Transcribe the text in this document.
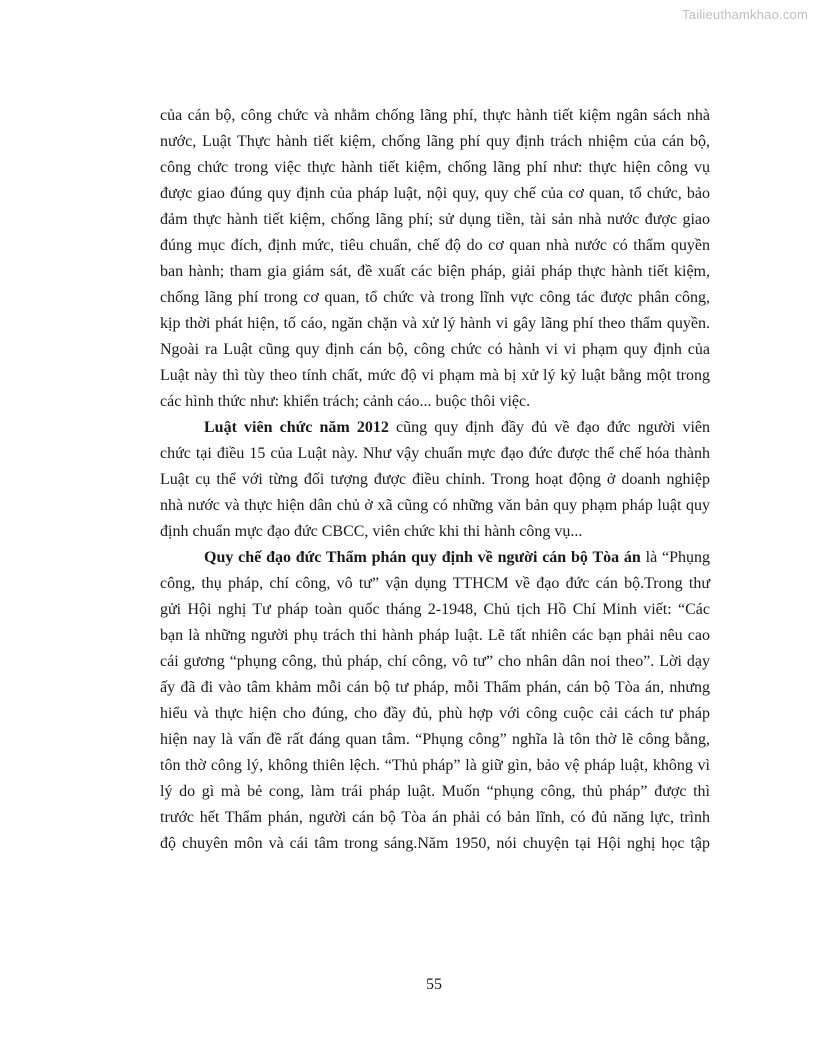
Tailieuthamkhao.com
của cán bộ, công chức và nhằm chống lãng phí, thực hành tiết kiệm ngân sách nhà
nước, Luật Thực hành tiết kiệm, chống lãng phí quy định trách nhiệm của cán bộ,
công chức trong việc thực hành tiết kiệm, chống lãng phí như: thực hiện công vụ
được giao đúng quy định của pháp luật, nội quy, quy chế của cơ quan, tổ chức, bảo
đảm thực hành tiết kiệm, chống lãng phí; sử dụng tiền, tài sản nhà nước được giao
đúng mục đích, định mức, tiêu chuẩn, chế độ do cơ quan nhà nước có thẩm quyền
ban hành; tham gia giám sát, đề xuất các biện pháp, giải pháp thực hành tiết kiệm,
chống lãng phí trong cơ quan, tổ chức và trong lĩnh vực công tác được phân công,
kịp thời phát hiện, tố cáo, ngăn chặn và xử lý hành vi gây lãng phí theo thẩm quyền.
Ngoài ra Luật cũng quy định cán bộ, công chức có hành vi vi phạm quy định của
Luật này thì tùy theo tính chất, mức độ vi phạm mà bị xử lý kỷ luật bằng một trong
các hình thức như: khiển trách; cảnh cáo... buộc thôi việc.
Luật viên chức năm 2012 cũng quy định đầy đủ về đạo đức người viên
chức tại điều 15 của Luật này. Như vậy chuẩn mực đạo đức được thể chế hóa thành
Luật cụ thể với từng đối tượng được điều chỉnh. Trong hoạt động ở doanh nghiệp
nhà nước và thực hiện dân chủ ở xã cũng có những văn bản quy phạm pháp luật quy
định chuẩn mực đạo đức CBCC, viên chức khi thi hành công vụ...
Quy chế đạo đức Thẩm phán quy định về người cán bộ Tòa án là “Phụng
công, thụ pháp, chí công, vô tư” vận dụng TTHCM về đạo đức cán bộ.Trong thư
gửi Hội nghị Tư pháp toàn quốc tháng 2-1948, Chủ tịch Hồ Chí Minh viết: “Các
bạn là những người phụ trách thi hành pháp luật. Lẽ tất nhiên các bạn phải nêu cao
cái gương “phụng công, thủ pháp, chí công, vô tư” cho nhân dân noi theo”. Lời dạy
ấy đã đi vào tâm khảm mỗi cán bộ tư pháp, mỗi Thẩm phán, cán bộ Tòa án, nhưng
hiểu và thực hiện cho đúng, cho đầy đủ, phù hợp với công cuộc cải cách tư pháp
hiện nay là vấn đề rất đáng quan tâm. “Phụng công” nghĩa là tôn thờ lẽ công bằng,
tôn thờ công lý, không thiên lệch. “Thủ pháp” là giữ gìn, bảo vệ pháp luật, không vì
lý do gì mà bẻ cong, làm trái pháp luật. Muốn “phụng công, thủ pháp” được thì
trước hết Thẩm phán, người cán bộ Tòa án phải có bản lĩnh, có đủ năng lực, trình
độ chuyên môn và cái tâm trong sáng.Năm 1950, nói chuyện tại Hội nghị học tập
55
